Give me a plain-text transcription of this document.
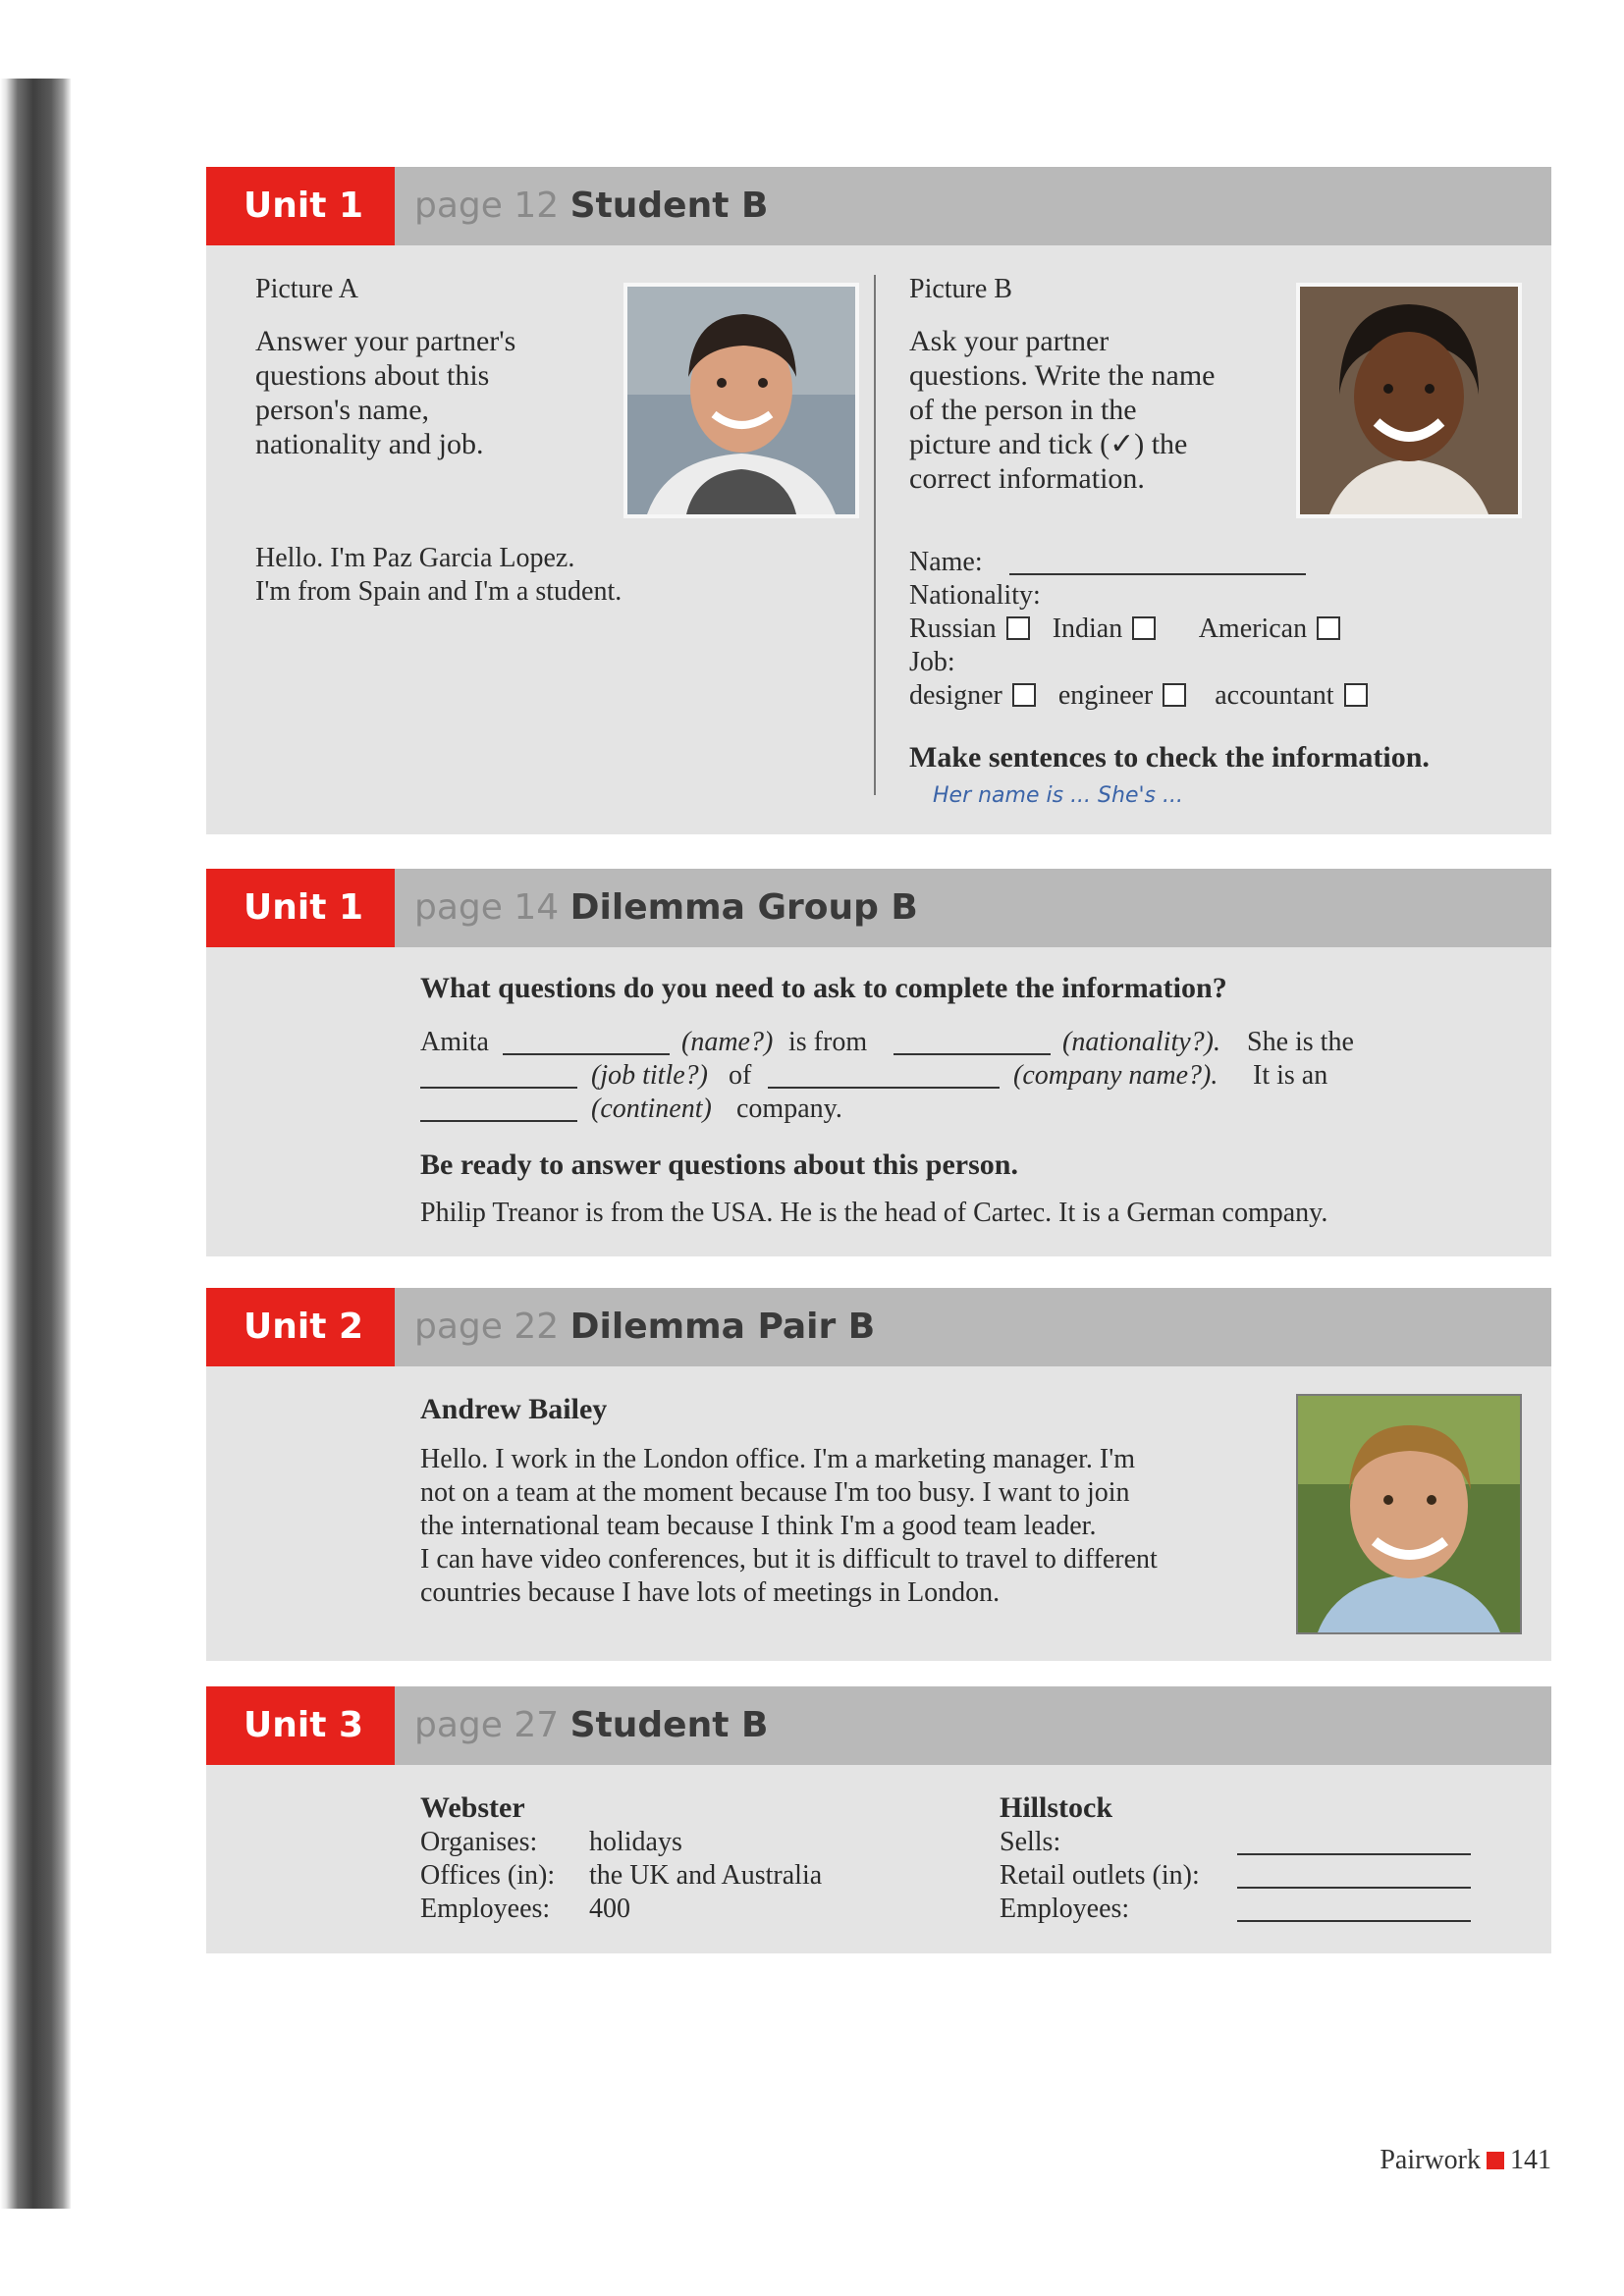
Unit 1	page 12 Student B
Picture A
Answer your partner's
questions about this
person's name,
nationality and job.
Hello. I'm Paz Garcia Lopez.
I'm from Spain and I'm a student.
Picture B
Ask your partner
questions. Write the name
of the person in the
picture and tick (✓) the
correct information.
Name:
Nationality:
Russian Indian	American
Job:
designer engineer accountant
Make sentences to check the information.
Her name is ... She's ...
Unit 1	page 14 Dilemma Group B
What questions do you need to ask to complete the information?
Amita	(name?) is from	(nationality?). She is the
(job title?) of	(company name?). It is an
(continent) company.
Be ready to answer questions about this person.
Philip Treanor is from the USA. He is the head of Cartec. It is a German company.
Unit 2	page 22 Dilemma Pair B
Andrew Bailey
Hello. I work in the London office. I'm a marketing manager. I'm
not on a team at the moment because I'm too busy. I want to join
the international team because I think I'm a good team leader.
I can have video conferences, but it is difficult to travel to different
countries because I have lots of meetings in London.
Unit 3	page 27 Student B
Webster
Organises: holidays
Offices (in): the UK and Australia
Employees: 400
Hillstock
Sells:
Retail outlets (in):
Employees:
Pairwork 141
